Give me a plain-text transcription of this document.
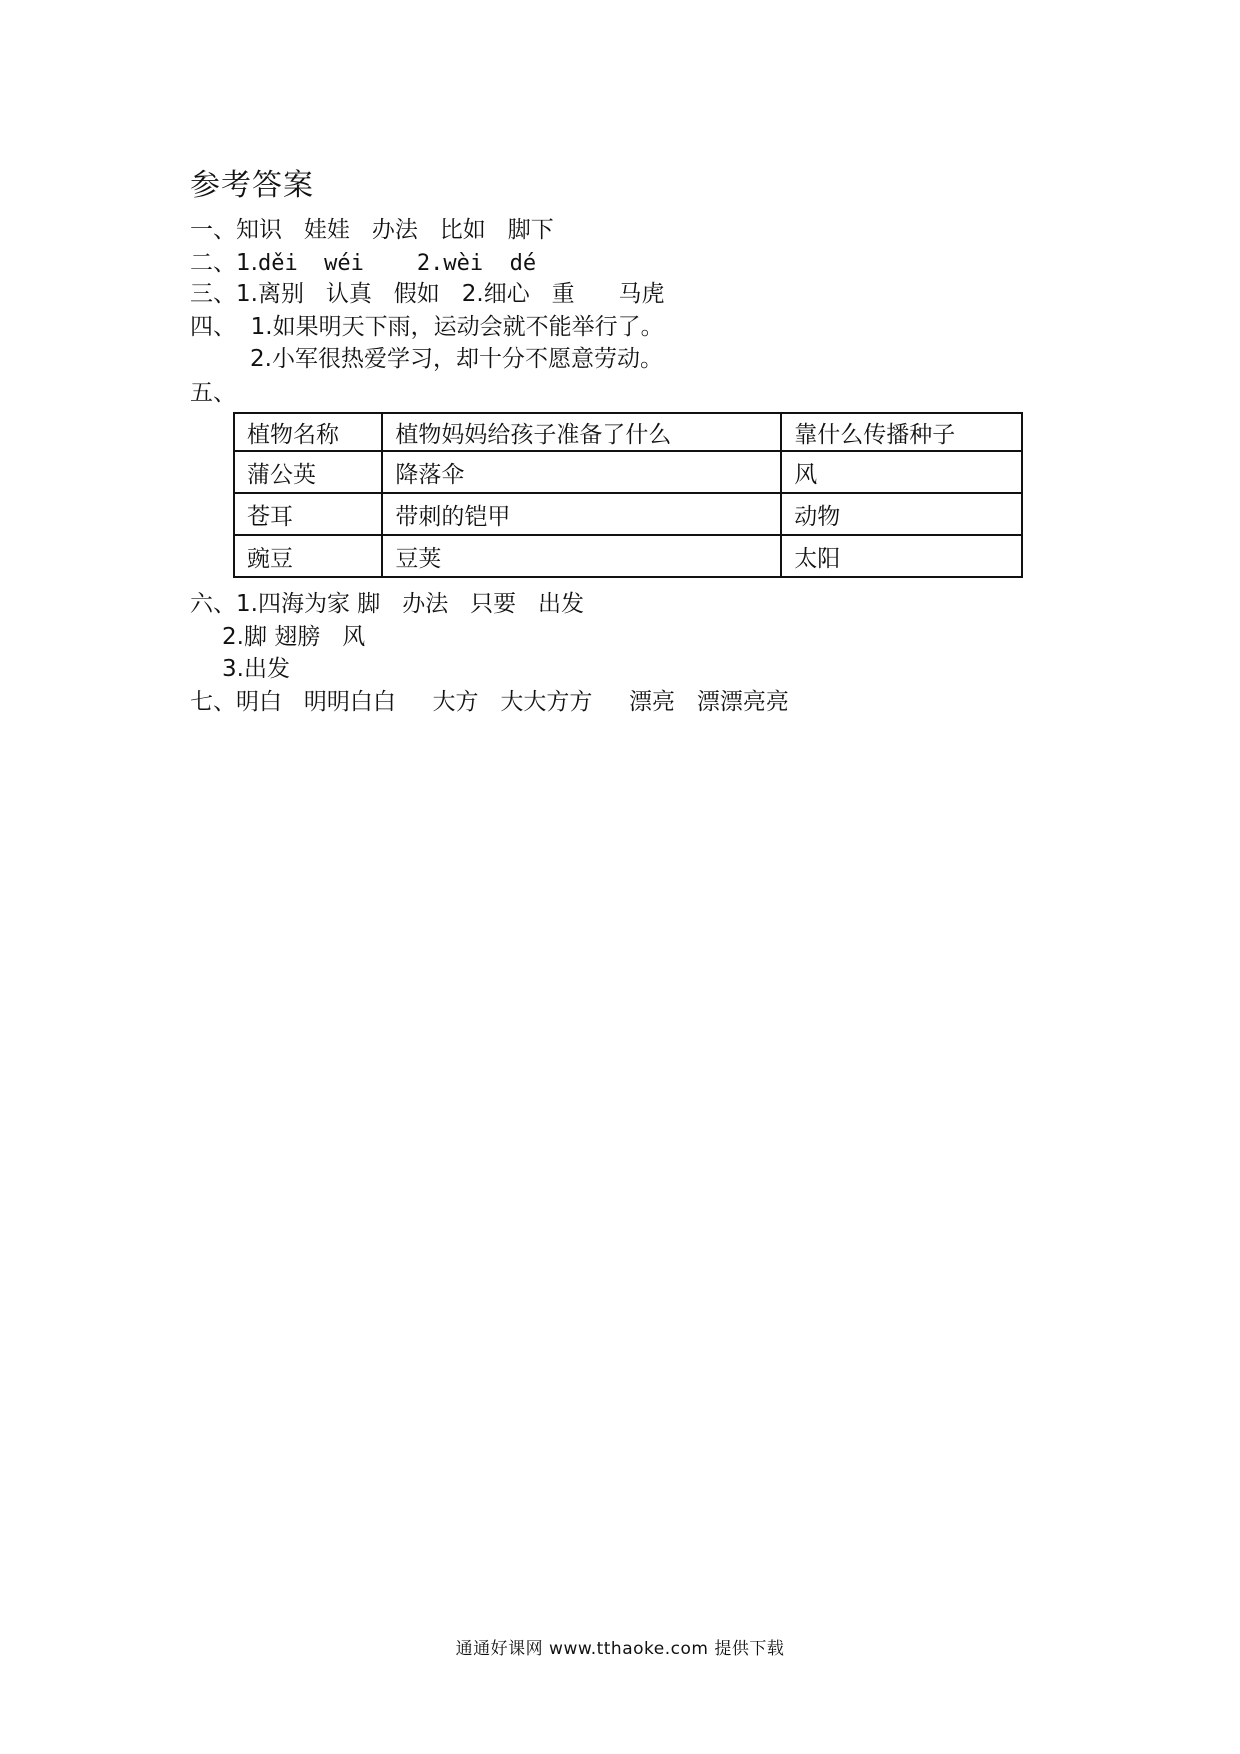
参考答案
一、知识   娃娃   办法   比如   脚下
二、1.děi  wéi    2.wèi  dé
三、1.离别   认真   假如   2.细心   重      马虎
四、  1.如果明天下雨，运动会就不能举行了。
2.小军很热爱学习，却十分不愿意劳动。
五、
植物名称	植物妈妈给孩子准备了什么	靠什么传播种子
蒲公英	降落伞	风
苍耳	带刺的铠甲	动物
豌豆	豆荚	太阳
六、1.四海为家 脚   办法   只要   出发
2.脚 翅膀   风
3.出发
七、明白   明明白白     大方   大大方方     漂亮   漂漂亮亮
通通好课网 www.tthaoke.com 提供下载
